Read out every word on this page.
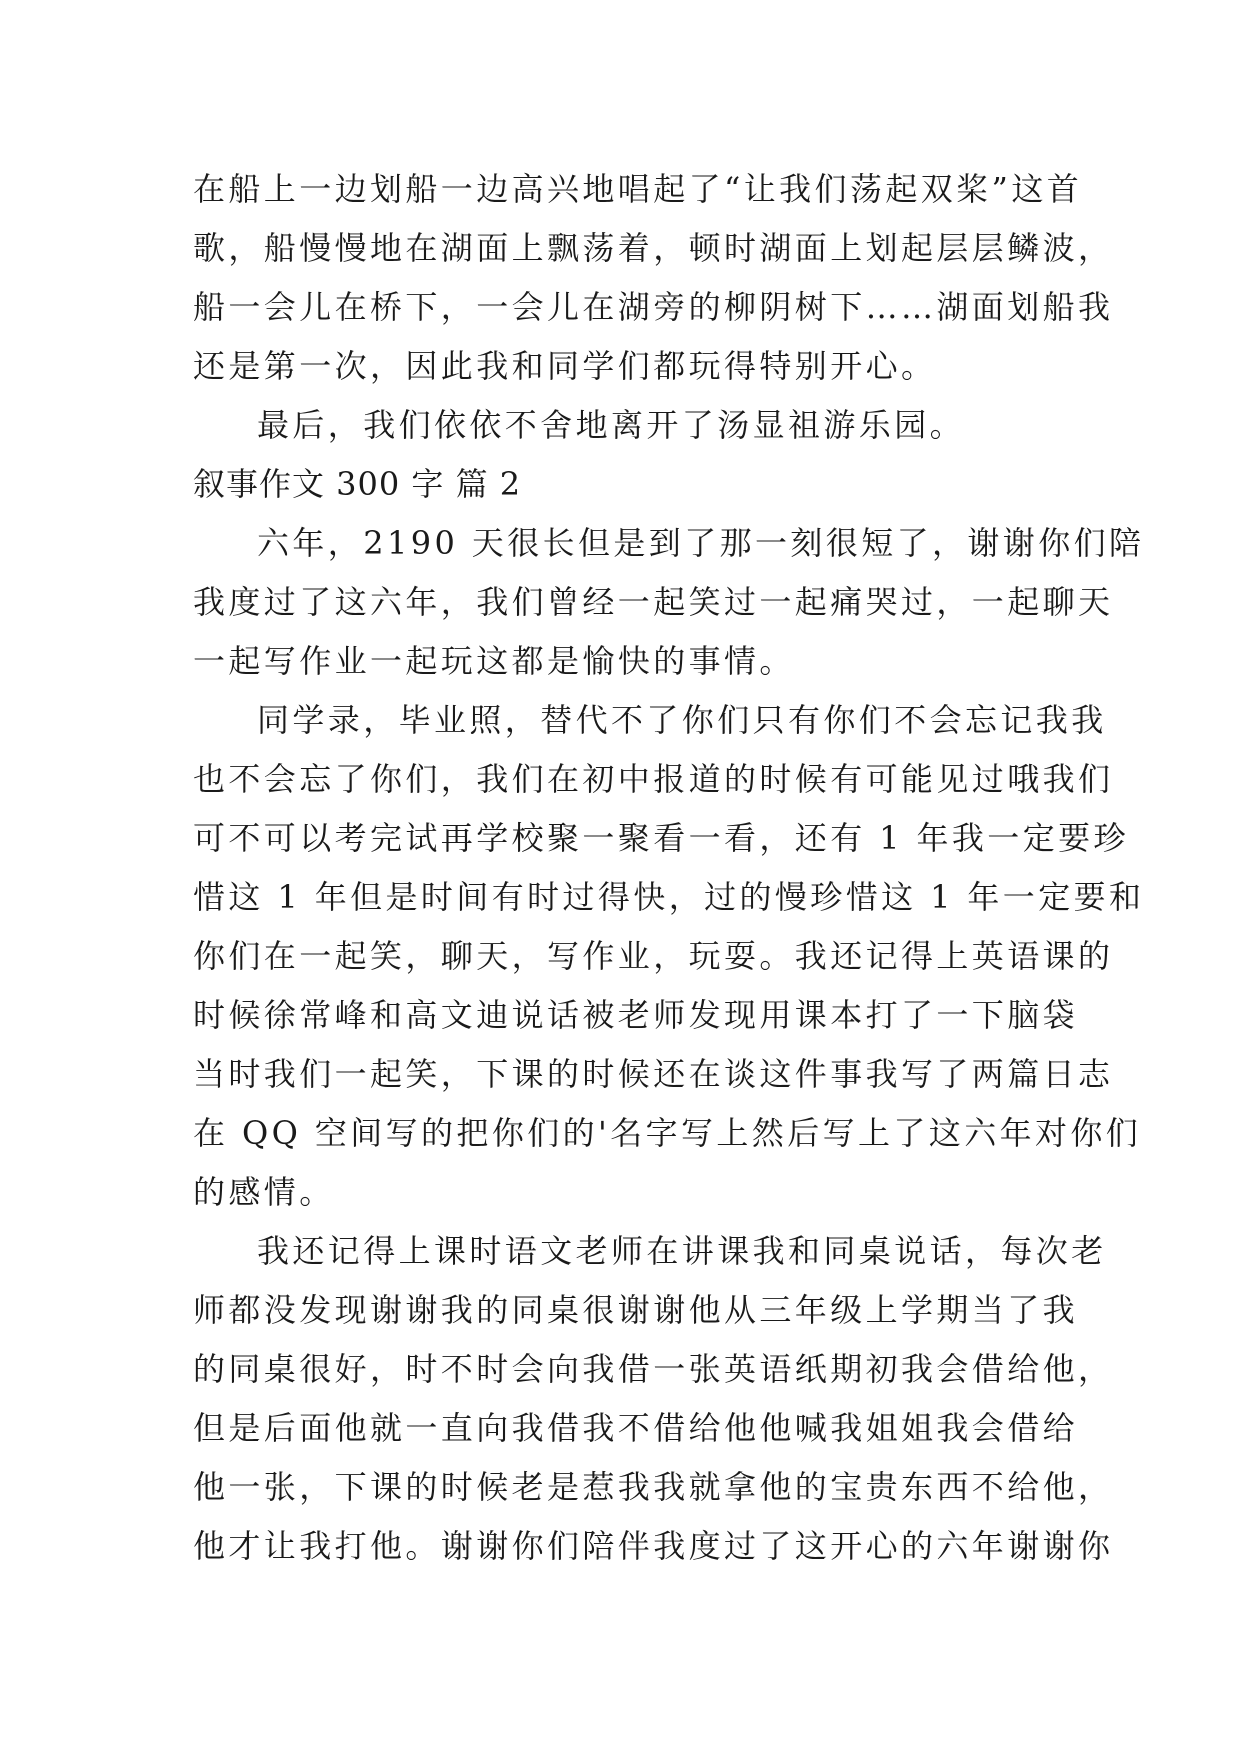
在船上一边划船一边高兴地唱起了“让我们荡起双桨”这首
歌，船慢慢地在湖面上飘荡着，顿时湖面上划起层层鳞波，
船一会儿在桥下，一会儿在湖旁的柳阴树下……湖面划船我
还是第一次，因此我和同学们都玩得特别开心。
最后，我们依依不舍地离开了汤显祖游乐园。
叙事作文 300 字 篇 2
六年，2190 天很长但是到了那一刻很短了，谢谢你们陪
我度过了这六年，我们曾经一起笑过一起痛哭过，一起聊天
一起写作业一起玩这都是愉快的事情。
同学录，毕业照，替代不了你们只有你们不会忘记我我
也不会忘了你们，我们在初中报道的时候有可能见过哦我们
可不可以考完试再学校聚一聚看一看，还有 1 年我一定要珍
惜这 1 年但是时间有时过得快，过的慢珍惜这 1 年一定要和
你们在一起笑，聊天，写作业，玩耍。我还记得上英语课的
时候徐常峰和高文迪说话被老师发现用课本打了一下脑袋
当时我们一起笑，下课的时候还在谈这件事我写了两篇日志
在 QQ 空间写的把你们的'名字写上然后写上了这六年对你们
的感情。
我还记得上课时语文老师在讲课我和同桌说话，每次老
师都没发现谢谢我的同桌很谢谢他从三年级上学期当了我
的同桌很好，时不时会向我借一张英语纸期初我会借给他，
但是后面他就一直向我借我不借给他他喊我姐姐我会借给
他一张，下课的时候老是惹我我就拿他的宝贵东西不给他，
他才让我打他。谢谢你们陪伴我度过了这开心的六年谢谢你
